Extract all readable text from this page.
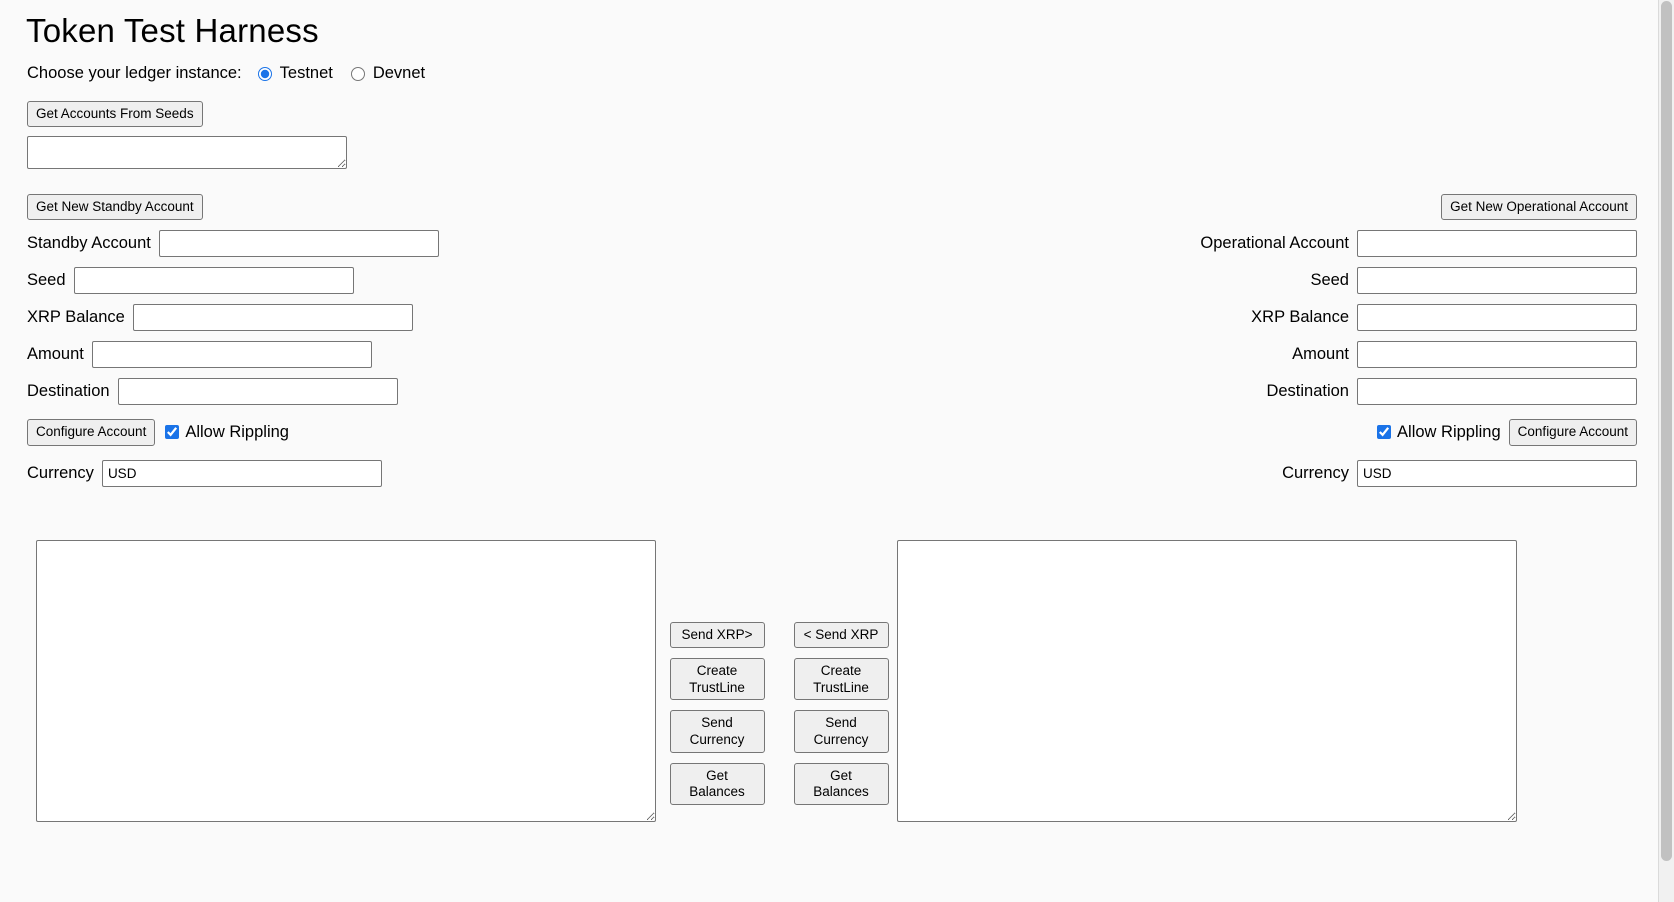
Token Test Harness
Choose your ledger instance: Testnet Devnet
Get Accounts From Seeds
Get New Standby Account
Standby Account
Seed
XRP Balance
Amount
Destination
Configure Account	Allow Rippling
Currency
USD
Send XRP>
Create TrustLine
Send Currency
Get Balances
< Send XRP
Create TrustLine
Send Currency
Get Balances
Get New Operational Account
Operational Account
Seed
XRP Balance
Amount
Destination
Allow Rippling	Configure Account
Currency
USD
